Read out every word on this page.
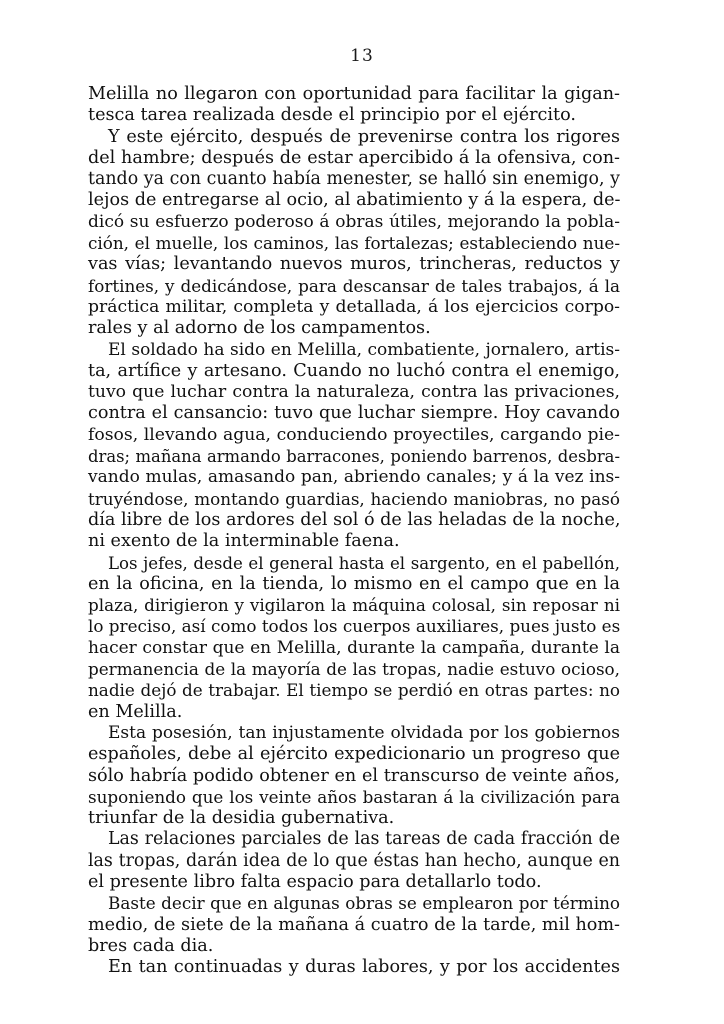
13
Melilla no llegaron con oportunidad para facilitar la gigan-
tesca tarea realizada desde el principio por el ejército.
Y este ejército, después de prevenirse contra los rigores
del hambre; después de estar apercibido á la ofensiva, con-
tando ya con cuanto había menester, se halló sin enemigo, y
lejos de entregarse al ocio, al abatimiento y á la espera, de-
dicó su esfuerzo poderoso á obras útiles, mejorando la pobla-
ción, el muelle, los caminos, las fortalezas; estableciendo nue-
vas vías; levantando nuevos muros, trincheras, reductos y
fortines, y dedicándose, para descansar de tales trabajos, á la
práctica militar, completa y detallada, á los ejercicios corpo-
rales y al adorno de los campamentos.
El soldado ha sido en Melilla, combatiente, jornalero, artis-
ta, artífice y artesano. Cuando no luchó contra el enemigo,
tuvo que luchar contra la naturaleza, contra las privaciones,
contra el cansancio: tuvo que luchar siempre. Hoy cavando
fosos, llevando agua, conduciendo proyectiles, cargando pie-
dras; mañana armando barracones, poniendo barrenos, desbra-
vando mulas, amasando pan, abriendo canales; y á la vez ins-
truyéndose, montando guardias, haciendo maniobras, no pasó
día libre de los ardores del sol ó de las heladas de la noche,
ni exento de la interminable faena.
Los jefes, desde el general hasta el sargento, en el pabellón,
en la oficina, en la tienda, lo mismo en el campo que en la
plaza, dirigieron y vigilaron la máquina colosal, sin reposar ni
lo preciso, así como todos los cuerpos auxiliares, pues justo es
hacer constar que en Melilla, durante la campaña, durante la
permanencia de la mayoría de las tropas, nadie estuvo ocioso,
nadie dejó de trabajar. El tiempo se perdió en otras partes: no
en Melilla.
Esta posesión, tan injustamente olvidada por los gobiernos
españoles, debe al ejército expedicionario un progreso que
sólo habría podido obtener en el transcurso de veinte años,
suponiendo que los veinte años bastaran á la civilización para
triunfar de la desidia gubernativa.
Las relaciones parciales de las tareas de cada fracción de
las tropas, darán idea de lo que éstas han hecho, aunque en
el presente libro falta espacio para detallarlo todo.
Baste decir que en algunas obras se emplearon por término
medio, de siete de la mañana á cuatro de la tarde, mil hom-
bres cada dia.
En tan continuadas y duras labores, y por los accidentes
